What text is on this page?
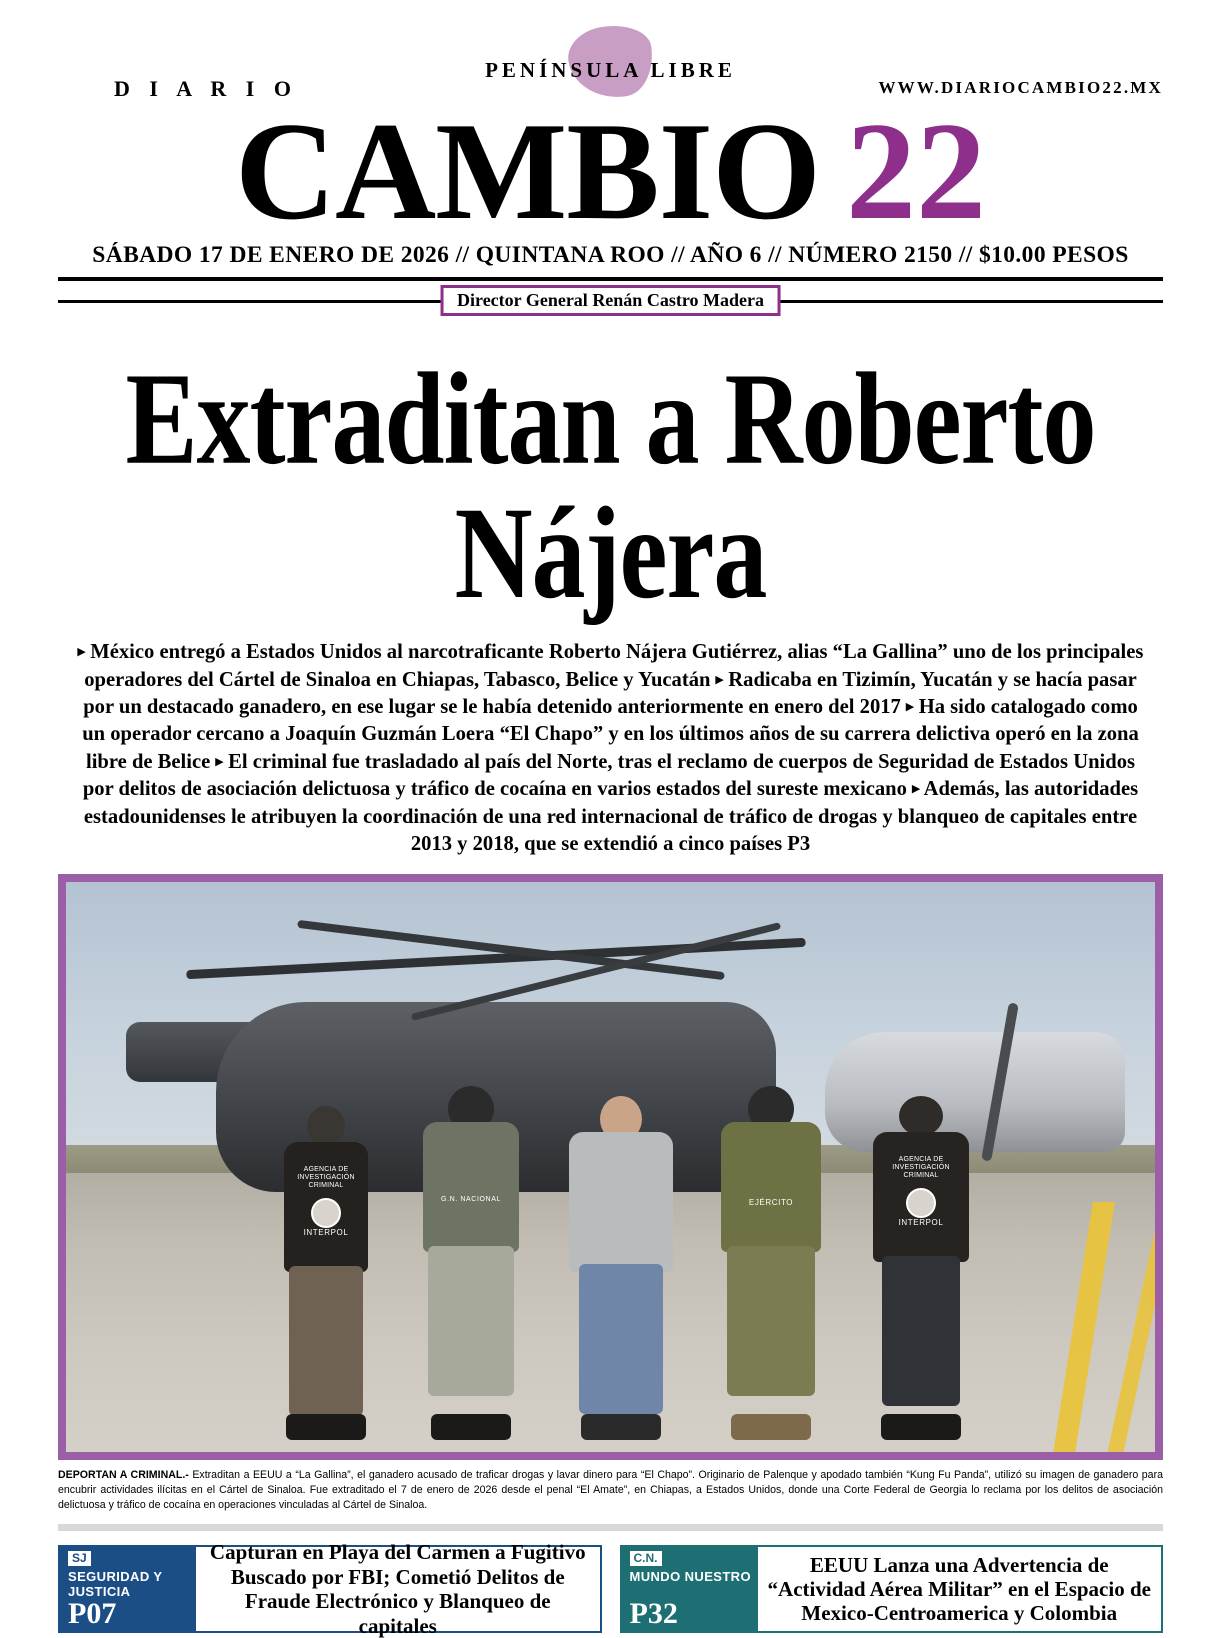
D I A R I O
PENÍNSULA LIBRE
WWW.DIARIOCAMBIO22.MX
CAMBIO 22
SÁBADO 17 DE ENERO DE 2026 // QUINTANA ROO // AÑO 6 // NÚMERO 2150 // $10.00 PESOS
Director General Renán Castro Madera
Extraditan a Roberto Nájera
▸ México entregó a Estados Unidos al narcotraficante Roberto Nájera Gutiérrez, alias “La Gallina” uno de los principales operadores del Cártel de Sinaloa en Chiapas, Tabasco, Belice y Yucatán ▸ Radicaba en Tizimín, Yucatán y se hacía pasar por un destacado ganadero, en ese lugar se le había detenido anteriormente en enero del 2017 ▸ Ha sido catalogado como un operador cercano a Joaquín Guzmán Loera “El Chapo” y en los últimos años de su carrera delictiva operó en la zona libre de Belice ▸ El criminal fue trasladado al país del Norte, tras el reclamo de cuerpos de Seguridad de Estados Unidos por delitos de asociación delictuosa y tráfico de cocaína en varios estados del sureste mexicano ▸ Además, las autoridades estadounidenses le atribuyen la coordinación de una red internacional de tráfico de drogas y blanqueo de capitales entre 2013 y 2018, que se extendió a cinco países P3
AGENCIA DE INVESTIGACIÓN CRIMINAL
INTERPOL
G.N. NACIONAL	EJÉRCITO
AGENCIA DE INVESTIGACIÓN CRIMINAL
INTERPOL
DEPORTAN A CRIMINAL.- Extraditan a EEUU a “La Gallina”, el ganadero acusado de traficar drogas y lavar dinero para “El Chapo”. Originario de Palenque y apodado también “Kung Fu Panda”, utilizó su imagen de ganadero para encubrir actividades ilícitas en el Cártel de Sinaloa. Fue extraditado el 7 de enero de 2026 desde el penal “El Amate”, en Chiapas, a Estados Unidos, donde una Corte Federal de Georgia lo reclama por los delitos de asociación delictuosa y tráfico de cocaína en operaciones vinculadas al Cártel de Sinaloa.
SJ
SEGURIDAD Y JUSTICIA
P07
Capturan en Playa del Carmen a Fugitivo Buscado por FBI; Cometió Delitos de Fraude Electrónico y Blanqueo de capitales
C.N.
MUNDO NUESTRO
P32
EEUU Lanza una Advertencia de “Actividad Aérea Militar” en el Espacio de Mexico-Centroamerica y Colombia
